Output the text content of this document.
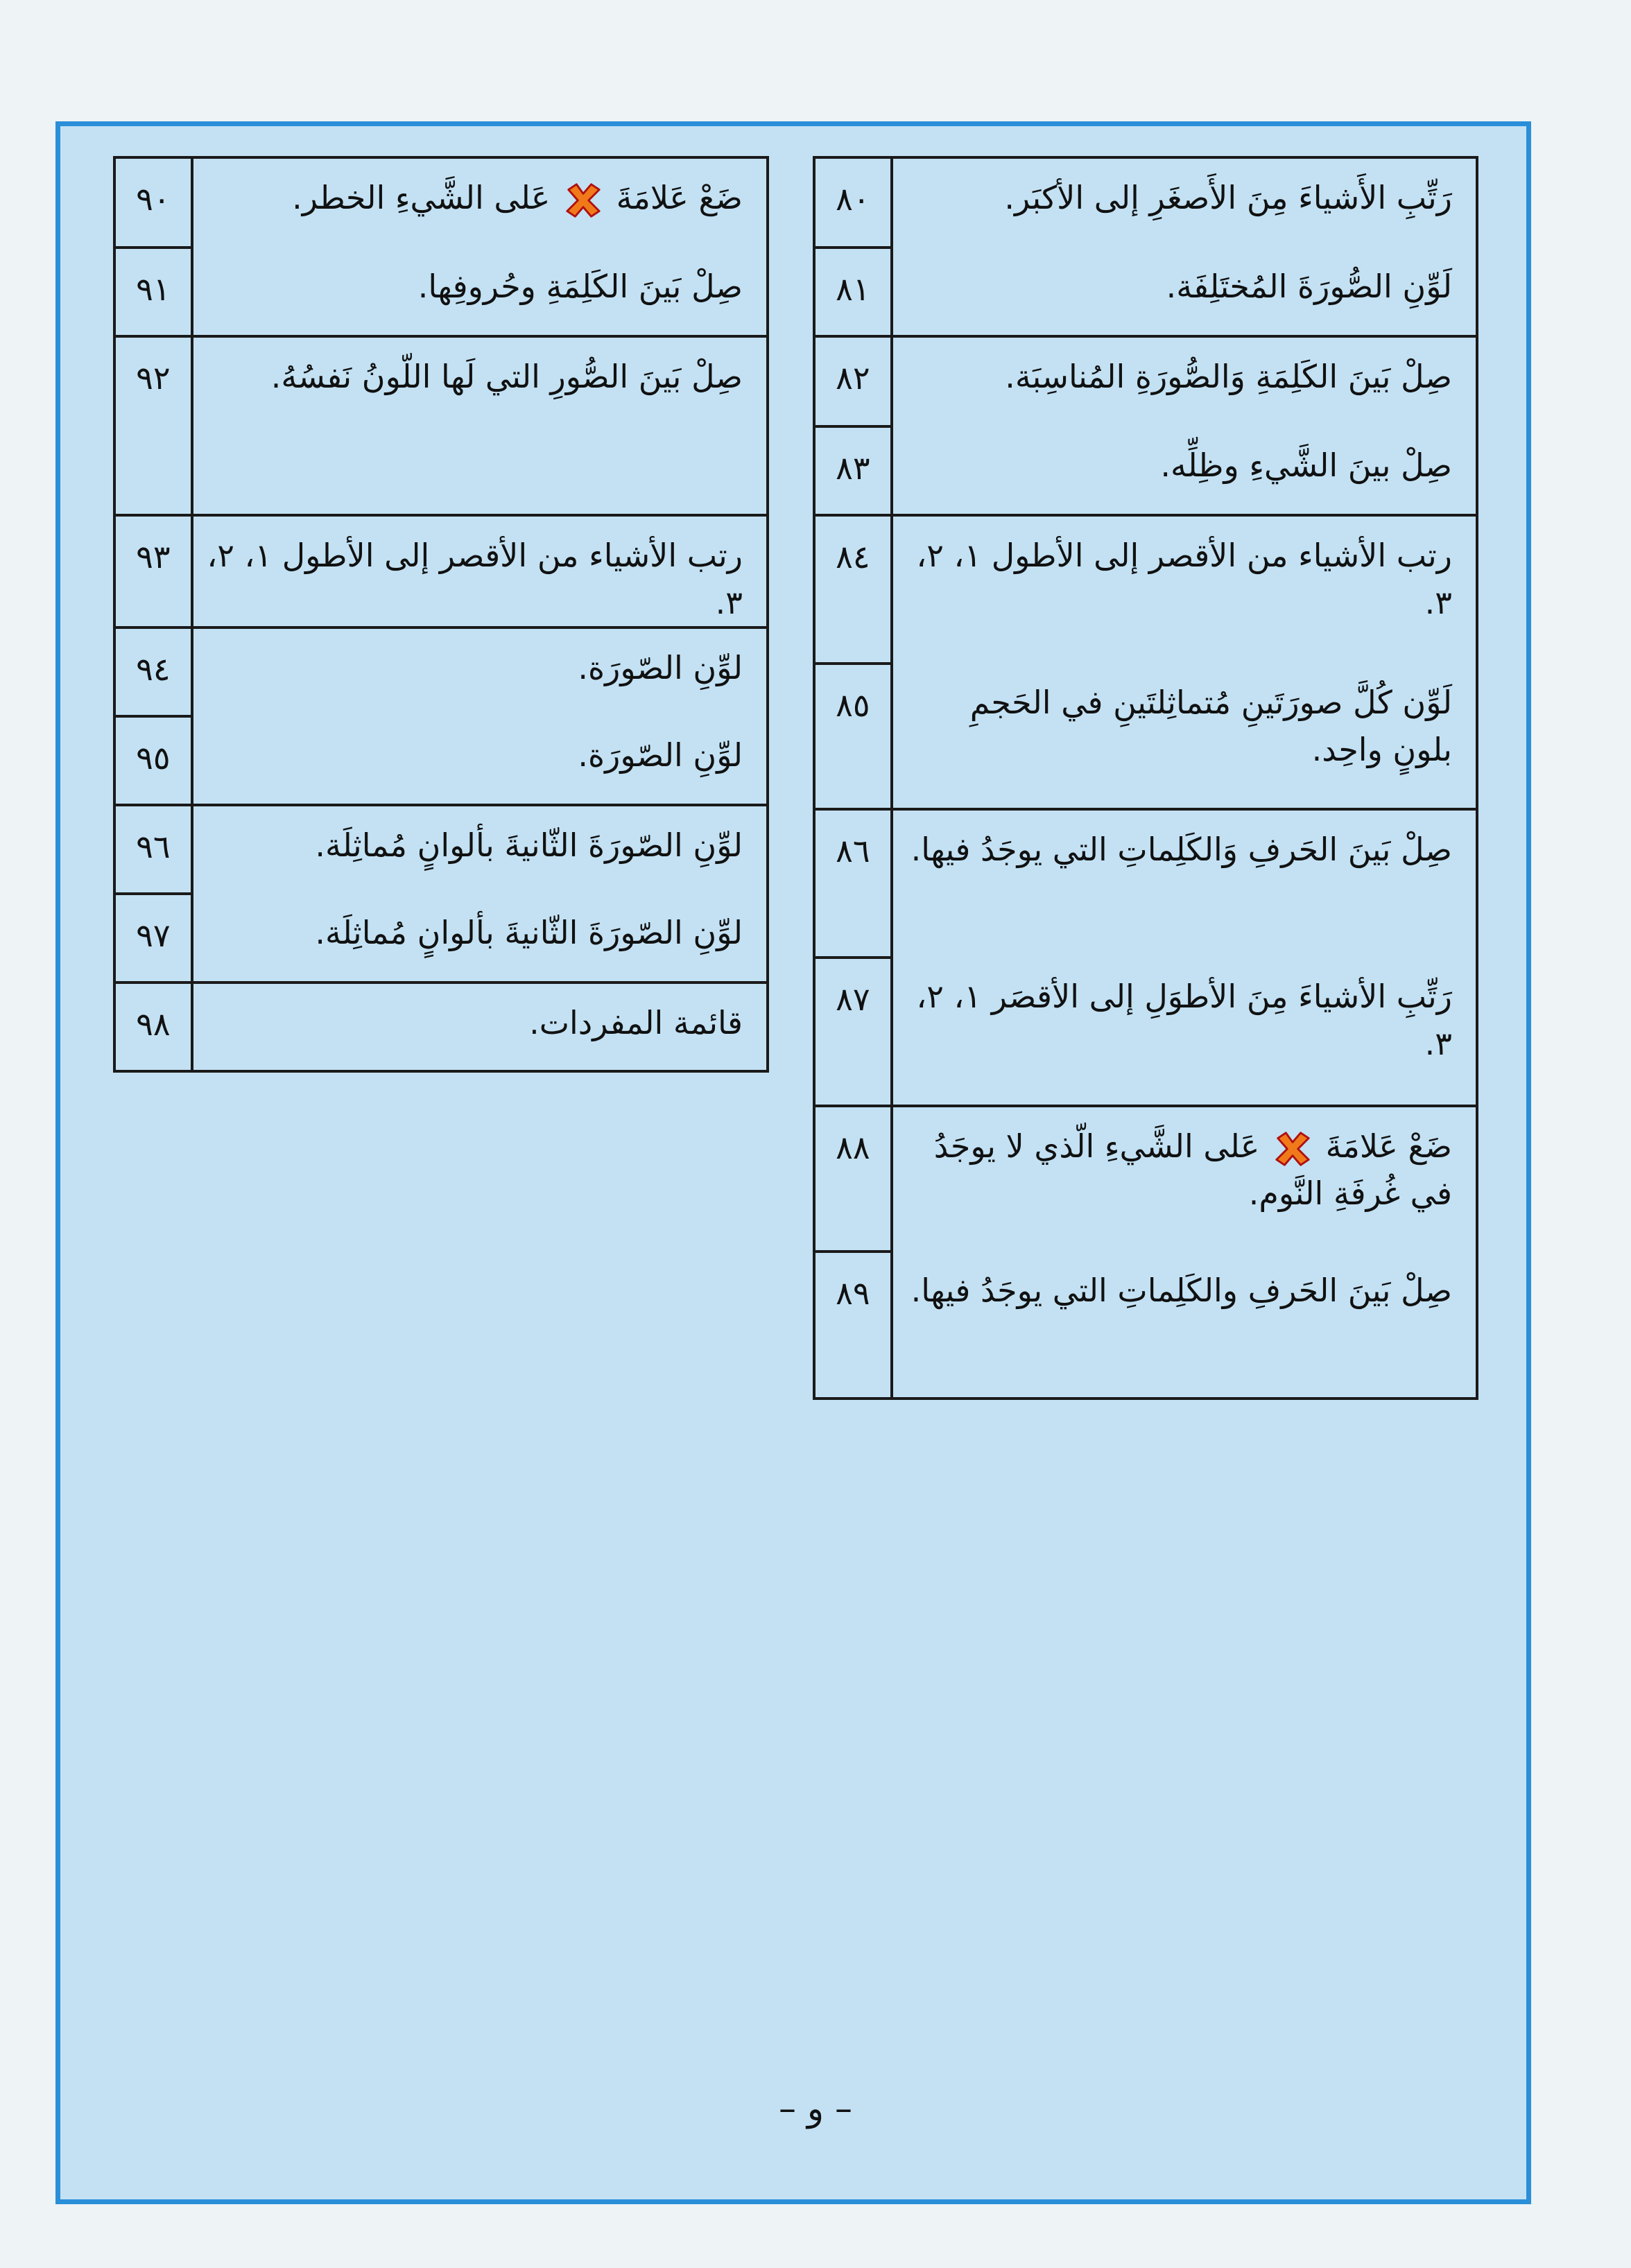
رَتِّبِ الأَشياءَ مِنَ الأَصغَرِ إلى الأكبَر.	٨٠
لَوِّنِ الصُّورَةَ المُختَلِفَة.	٨١
صِلْ بَينَ الكَلِمَةِ وَالصُّورَةِ المُناسِبَة.	٨٢
صِلْ بينَ الشَّيءِ وظِلِّه.	٨٣
رتب الأشياء من الأقصر إلى الأطول ١، ٢، ٣.	٨٤
لَوِّن كُلَّ صورَتَينِ مُتماثِلتَينِ في الحَجمِ بلونٍ واحِد.	٨٥
صِلْ بَينَ الحَرفِ وَالكَلِماتِ التي يوجَدُ فيها.	٨٦
رَتِّبِ الأشياءَ مِنَ الأطوَلِ إلى الأقصَر ١، ٢، ٣.	٨٧
ضَعْ عَلامَةَ  عَلى الشَّيءِ الّذي لا يوجَدُ في غُرفَةِ النَّوم.	٨٨
صِلْ بَينَ الحَرفِ والكَلِماتِ التي يوجَدُ فيها.	٨٩
ضَعْ عَلامَةَ  عَلى الشَّيءِ الخطر.	٩٠
صِلْ بَينَ الكَلِمَةِ وحُروفِها.	٩١
صِلْ بَينَ الصُّورِ التي لَها اللّونُ نَفسُهُ.	٩٢
رتب الأشياء من الأقصر إلى الأطول ١، ٢، ٣.	٩٣
لوِّنِ الصّورَة.	٩٤
لوِّنِ الصّورَة.	٩٥
لوِّنِ الصّورَةَ الثّانيةَ بألوانٍ مُماثِلَة.	٩٦
لوِّنِ الصّورَةَ الثّانيةَ بألوانٍ مُماثِلَة.	٩٧
قائمة المفردات.	٩٨
– و –
